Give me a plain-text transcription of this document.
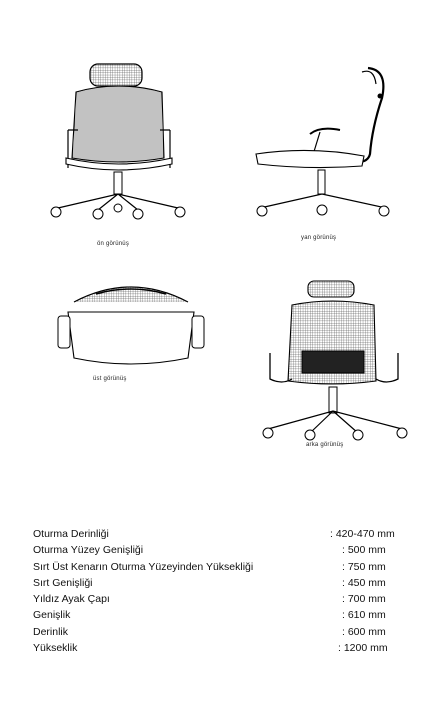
ön görünüş
yan görünüş
üst görünüş
arka görünüş
Oturma Derinliği	: 420-470 mm
Oturma Yüzey Genişliği	: 500 mm
Sırt Üst Kenarın Oturma Yüzeyinden Yüksekliği	: 750 mm
Sırt Genişliği	: 450 mm
Yıldız Ayak Çapı	: 700 mm
Genişlik	: 610 mm
Derinlik	: 600 mm
Yükseklik	: 1200 mm
